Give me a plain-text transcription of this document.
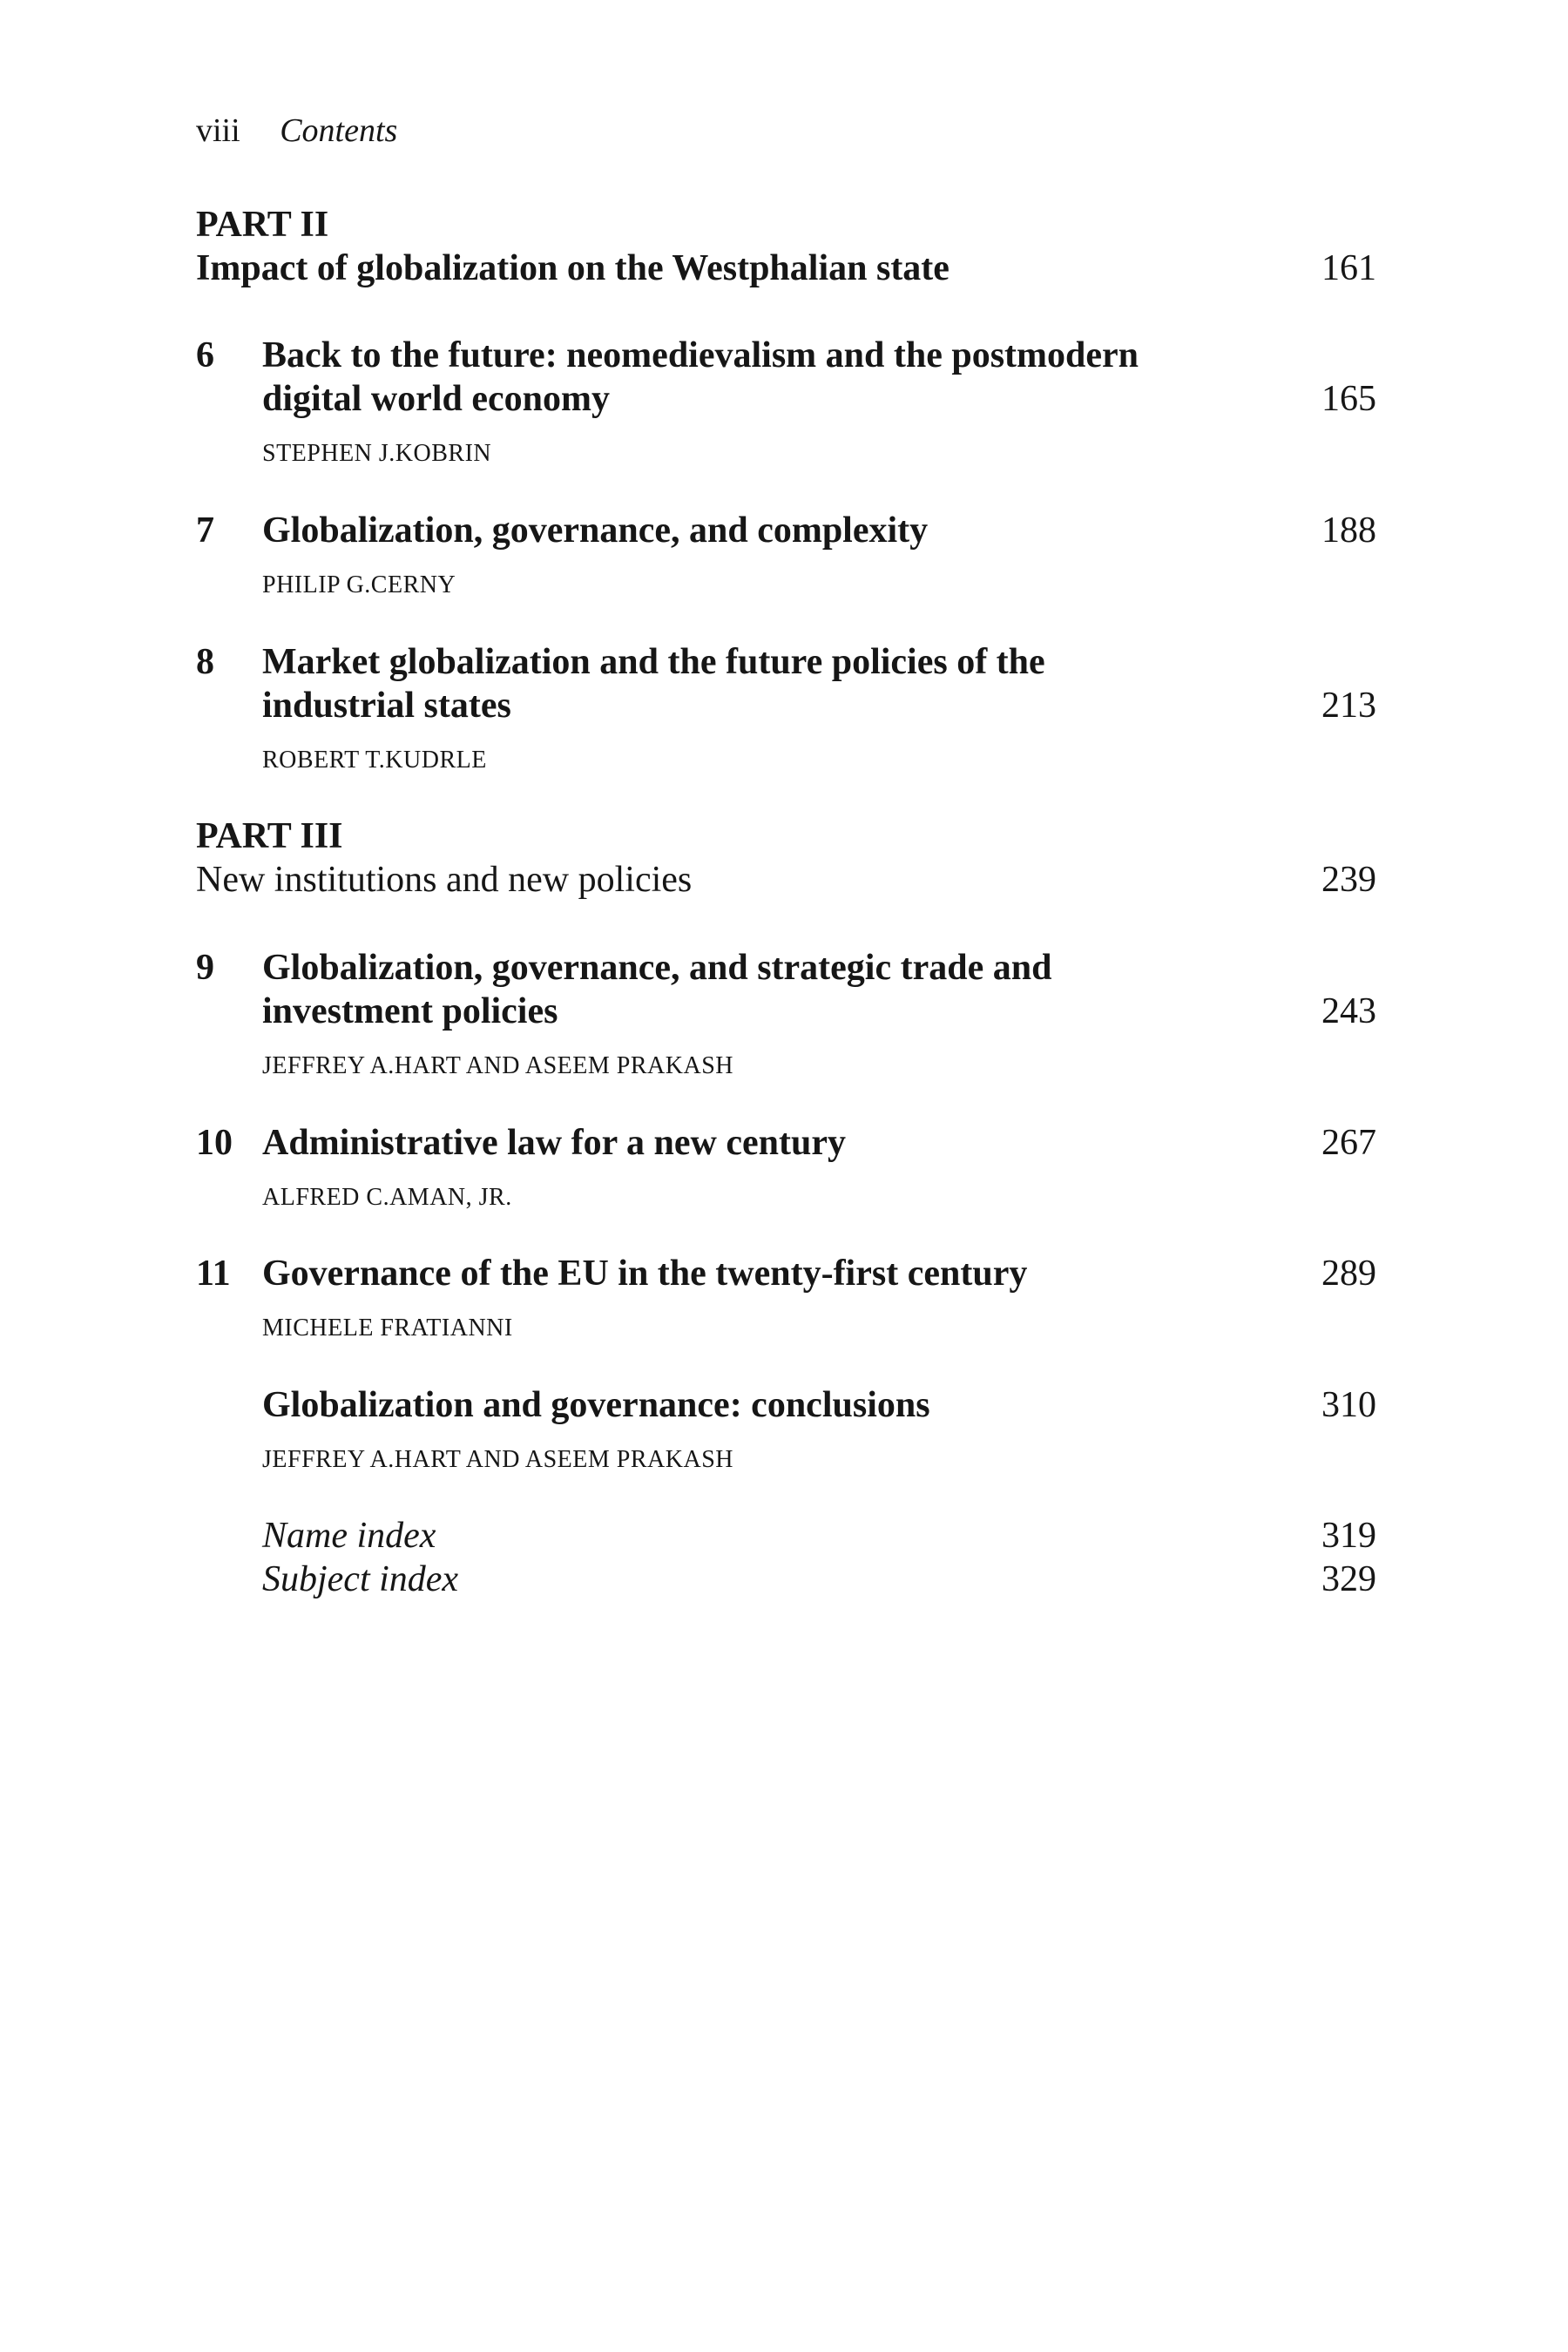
viii Contents
PART II
Impact of globalization on the Westphalian state	161
6 Back to the future: neomedievalism and the postmodern
digital world economy	165
STEPHEN J.KOBRIN
7 Globalization, governance, and complexity	188
PHILIP G.CERNY
8 Market globalization and the future policies of the
industrial states	213
ROBERT T.KUDRLE
PART III
New institutions and new policies	239
9 Globalization, governance, and strategic trade and
investment policies	243
JEFFREY A.HART AND ASEEM PRAKASH
10 Administrative law for a new century	267
ALFRED C.AMAN, JR.
11 Governance of the EU in the twenty-first century	289
MICHELE FRATIANNI
Globalization and governance: conclusions	310
JEFFREY A.HART AND ASEEM PRAKASH
Name index	319
Subject index	329
